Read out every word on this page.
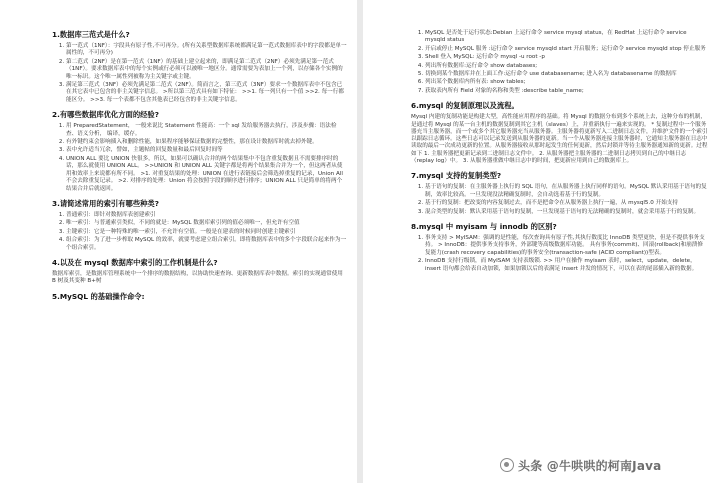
1.数据库三范式是什么?
1. 第一范式（1NF）：字段具有原子性,不可再分。(所有关系型数据库系统都满足第一范式数据库表中的字段都是单一属性的，不可再分)
2. 第二范式（2NF）是在第一范式（1NF）的基础上建立起来的，即满足第二范式（2NF）必须先满足第一范式（1NF）。要求数据库表中的每个实例或行必须可以被唯一地区分。通常需要为表加上一个列，以存储各个实例的唯一标识。这个唯一属性列被称为主关键字或主键。
3. 满足第三范式（3NF）必须先满足第二范式（2NF）。简而言之，第三范式（3NF）要求一个数据库表中不包含已在其它表中已包含的非主关键字信息。 >所以第三范式具有如下特征： >>1. 每一列只有一个值 >>2. 每一行都能区分。 >>3. 每一个表都不包含其他表已经包含的非主关键字信息。
2.有哪些数据库优化方面的经验?
1. 用 PreparedStatement， 一般来说比 Statement 性能高：一个 sql 发给服务器去执行，涉及步骤：语法检查、语义分析， 编译，缓存。
2. 有外键约束会影响插入和删除性能，如果程序能够保证数据的完整性，那在设计数据库时就去掉外键。
3. 表中允许适当冗余，譬如，主题帖的回复数量和最后回复时间等
4. UNION ALL 要比 UNION 快很多，所以，如果可以确认合并的两个结果集中不包含重复数据且不需要排序时的话，那么就使用 UNION ALL。 >>UNION 和 UNION ALL 关键字都是将两个结果集合并为一个，但这两者从使用和效率上来说都有所不同。 >1. 对重复结果的处理：UNION 在进行表链接后会筛选掉重复的记录，Union All 不会去除重复记录。 >2. 对排序的处理：Union 将会按照字段的顺序进行排序；UNION ALL 只是简单的将两个结果合并后就返回。
3.请简述常用的索引有哪些种类?
1. 普通索引：即针对数据库表创建索引
2. 唯一索引：与普通索引类似，不同的就是：MySQL 数据库索引列的值必须唯一，但允许有空值
3. 主键索引：它是一种特殊的唯一索引，不允许有空值。一般是在建表的时候同时创建主键索引
4. 组合索引：为了进一步榨取 MySQL 的效率，就要考虑建立组合索引。即将数据库表中的多个字段联合起来作为一个组合索引。
4.以及在 mysql 数据库中索引的工作机制是什么?
数据库索引，是数据库管理系统中一个排序的数据结构，以协助快速查询、更新数据库表中数据。索引的实现通常使用 B 树及其变种 B+树
5.MySQL 的基础操作命令:
1. MySQL 是否处于运行状态:Debian 上运行命令 service mysql status，在 RedHat 上运行命令 service mysqld status
2. 开启或停止 MySQL 服务 :运行命令 service mysqld start 开启服务；运行命令 service mysqld stop 停止服务
3. Shell 登入 MySQL: 运行命令 mysql -u root -p
4. 列出所有数据库:运行命令 show databases;
5. 切换到某个数据库并在上面工作:运行命令 use databasename; 进入名为 databasename 的数据库
6. 列出某个数据库内所有表: show tables;
7. 获取表内所有 Field 对象的名称和类型 :describe table_name;
6.mysql 的复制原理以及流程。
Mysql 内建的复制功能是构建大型，高性能应用程序的基础。将 Mysql 的数据分布到多个系统上去，这种分布的机制，是通过将 Mysql 的某一台主机的数据复制到其它主机（slaves）上，并重新执行一遍来实现的。 * 复制过程中一个服务器充当主服务器，而一个或多个其它服务器充当从服务器。主服务器将更新写入二进制日志文件，并维护文件的一个索引以跟踪日志循环。这些日志可以记录发送到从服务器的更新。当一个从服务器连接主服务器时，它通知主服务器在日志中读取的最后一次成功更新的位置。从服务器接收从那时起发生的任何更新，然后封锁并等待主服务器通知新的更新。过程如下 1. 主服务器把更新记录到二进制日志文件中。 2. 从服务器把主服务器的二进制日志拷贝到自己的中继日志（replay log）中。 3. 从服务器重做中继日志中的时间，把更新应用到自己的数据库上。
7.mysql 支持的复制类型?
1. 基于语句的复制：在主服务器上执行的 SQL 语句，在从服务器上执行同样的语句。MySQL 默认采用基于语句的复制，效率比较高。一旦发现没法精确复制时，会自动选着基于行的复制。
2. 基于行的复制：把改变的内容复制过去，而不是把命令在从服务器上执行一遍，从 mysql5.0 开始支持
3. 混合类型的复制：默认采用基于语句的复制，一旦发现基于语句的无法精确的复制时，就会采用基于行的复制。
8.mysql 中 myisam 与 innodb 的区别?
1. 事务支持 > MyISAM：强调的是性能，每次查询具有原子性,其执行数度比 InnoDB 类型更快，但是不提供事务支持。 > InnoDB：提供事务支持事务，外部键等高级数据库功能。 具有事务(commit)、回滚(rollback)和崩溃修复能力(crash recovery capabilities)的事务安全(transaction-safe (ACID compliant))型表。
2. InnoDB 支持行级锁，而 MyISAM 支持表级锁. >> 用户在操作 myisam 表时，select，update，delete，insert 语句都会给表自动加锁，如果加锁以后的表满足 insert 并发的情况下，可以在表的尾部插入新的数据。
头条 @牛哄哄的柯南Java
